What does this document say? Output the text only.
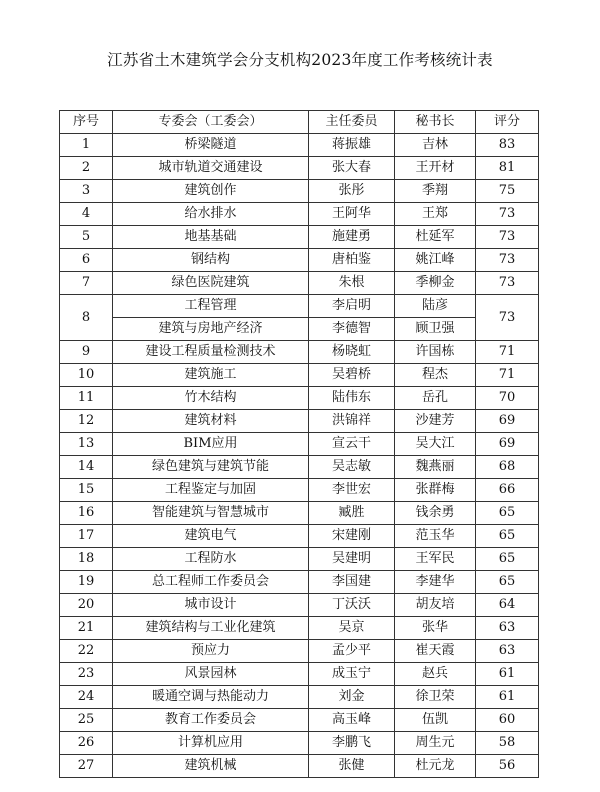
江苏省土木建筑学会分支机构2023年度工作考核统计表
序号	专委会（工委会）	主任委员	秘书长	评分
1	桥梁隧道	蒋振雄	吉林	83
2	城市轨道交通建设	张大春	王开材	81
3	建筑创作	张彤	季翔	75
4	给水排水	王阿华	王郑	73
5	地基基础	施建勇	杜延军	73
6	钢结构	唐柏鉴	姚江峰	73
7	绿色医院建筑	朱根	季柳金	73
8	工程管理	李启明	陆彦	73
	建筑与房地产经济	李德智	顾卫强	
9	建设工程质量检测技术	杨晓虹	许国栋	71
10	建筑施工	吴碧桥	程杰	71
11	竹木结构	陆伟东	岳孔	70
12	建筑材料	洪锦祥	沙建芳	69
13	BIM应用	宣云干	吴大江	69
14	绿色建筑与建筑节能	吴志敏	魏燕丽	68
15	工程鉴定与加固	李世宏	张群梅	66
16	智能建筑与智慧城市	臧胜	钱余勇	65
17	建筑电气	宋建刚	范玉华	65
18	工程防水	吴建明	王军民	65
19	总工程师工作委员会	李国建	李建华	65
20	城市设计	丁沃沃	胡友培	64
21	建筑结构与工业化建筑	吴京	张华	63
22	预应力	孟少平	崔天霞	63
23	风景园林	成玉宁	赵兵	61
24	暖通空调与热能动力	刘金	徐卫荣	61
25	教育工作委员会	高玉峰	伍凯	60
26	计算机应用	李鹏飞	周生元	58
27	建筑机械	张健	杜元龙	56
